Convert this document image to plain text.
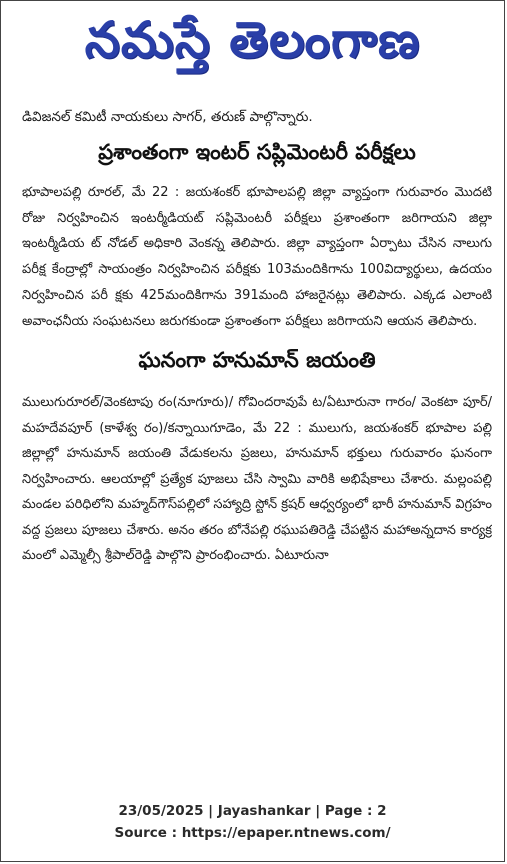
నమస్తే తెలంగాణ
డివిజనల్ కమిటీ నాయకులు సాగర్, తరుణ్ పాల్గొన్నారు.
ప్రశాంతంగా ఇంటర్ సప్లిమెంటరీ పరీక్షలు
భూపాలపల్లి రూరల్, మే 22 : జయశంకర్ భూపాలపల్లి జిల్లా వ్యాప్తంగా గురువారం మొదటి రోజు నిర్వహించిన ఇంటర్మీడియట్ సప్లిమెంటరీ పరీక్షలు ప్రశాంతంగా జరిగాయని జిల్లా ఇంటర్మీడియ ట్ నోడల్ అధికారి వెంకన్న తెలిపారు. జిల్లా వ్యాప్తంగా ఏర్పాటు చేసిన నాలుగు పరీక్ష కేంద్రాల్లో సాయంత్రం నిర్వహించిన పరీక్షకు 103మందికిగాను 100విద్యార్థులు, ఉదయం నిర్వహించిన పరీ క్షకు 425మందికిగాను 391మంది హాజరైనట్లు తెలిపారు. ఎక్కడ ఎలాంటి అవాంఛనీయ సంఘటనలు జరుగకుండా ప్రశాంతంగా పరీక్షలు జరిగాయని ఆయన తెలిపారు.
ఘనంగా హనుమాన్ జయంతి
ములుగురూరల్/వెంకటాపు రం(నూగూరు)/ గోవిందరావుపే ట/ఏటూరునా గారం/ వెంకటా పూర్/మహదేవపూర్ (కాళేశ్వ రం)/కన్నాయిగూడెం, మే 22 : ములుగు, జయశంకర్ భూపాల పల్లి జిల్లాల్లో హనుమాన్ జయంతి వేడుకలను ప్రజలు, హనుమాన్ భక్తులు గురువారం ఘనంగా నిర్వహించారు. ఆలయాల్లో ప్రత్యేక పూజలు చేసి స్వామి వారికి అభిషేకాలు చేశారు. మల్లంపల్లి మండల పరిధిలోని మహ్మద్‌గౌస్‌పల్లిలో సహ్యాద్రి స్టోన్ క్రషర్ ఆధ్వర్యంలో భారీ హనుమాన్ విగ్రహం వద్ద ప్రజలు పూజలు చేశారు. అనం తరం బోనేపల్లి రఘుపతిరెడ్డి చేపట్టిన మహాఅన్నదాన కార్యక్ర మంలో ఎమ్మెల్సీ శ్రీపాల్‌రెడ్డి పాల్గొని ప్రారంభించారు. ఏటూరునా
23/05/2025 | Jayashankar | Page : 2
Source : https://epaper.ntnews.com/
